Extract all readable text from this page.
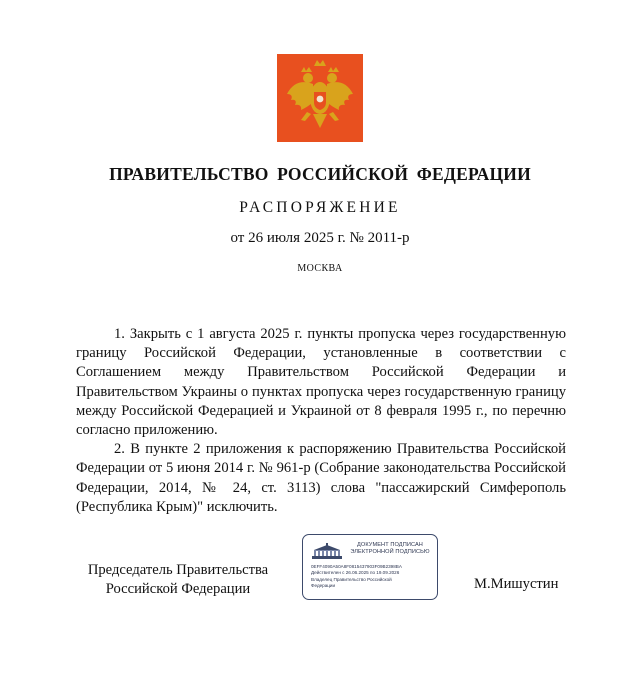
ПРАВИТЕЛЬСТВО РОССИЙСКОЙ ФЕДЕРАЦИИ
РАСПОРЯЖЕНИЕ
от 26 июля 2025 г. № 2011-р
МОСКВА

1. Закрыть с 1 августа 2025 г. пункты пропуска через государственную границу Российской Федерации, установленные в соответствии с Соглашением между Правительством Российской Федерации и Правительством Украины о пунктах пропуска через государственную границу между Российской Федерацией и Украиной от 8 февраля 1995 г., по перечню согласно приложению.

2. В пункте 2 приложения к распоряжению Правительства Российской Федерации от 5 июня 2014 г. № 961-р (Собрание законодательства Российской Федерации, 2014, № 24, ст. 3113) слова "пассажирский Симферополь (Республика Крым)" исключить.

Председатель Правительства
Российской Федерации
ДОКУМЕНТ ПОДПИСАН
ЭЛЕКТРОННОЙ ПОДПИСЬЮ
0EFF4090A50A8F0815437903F09B2398BA
Действителен с 26.06.2025 по 19.09.2026
Владелец Правительство Российской
Федерации	М.Мишустин
